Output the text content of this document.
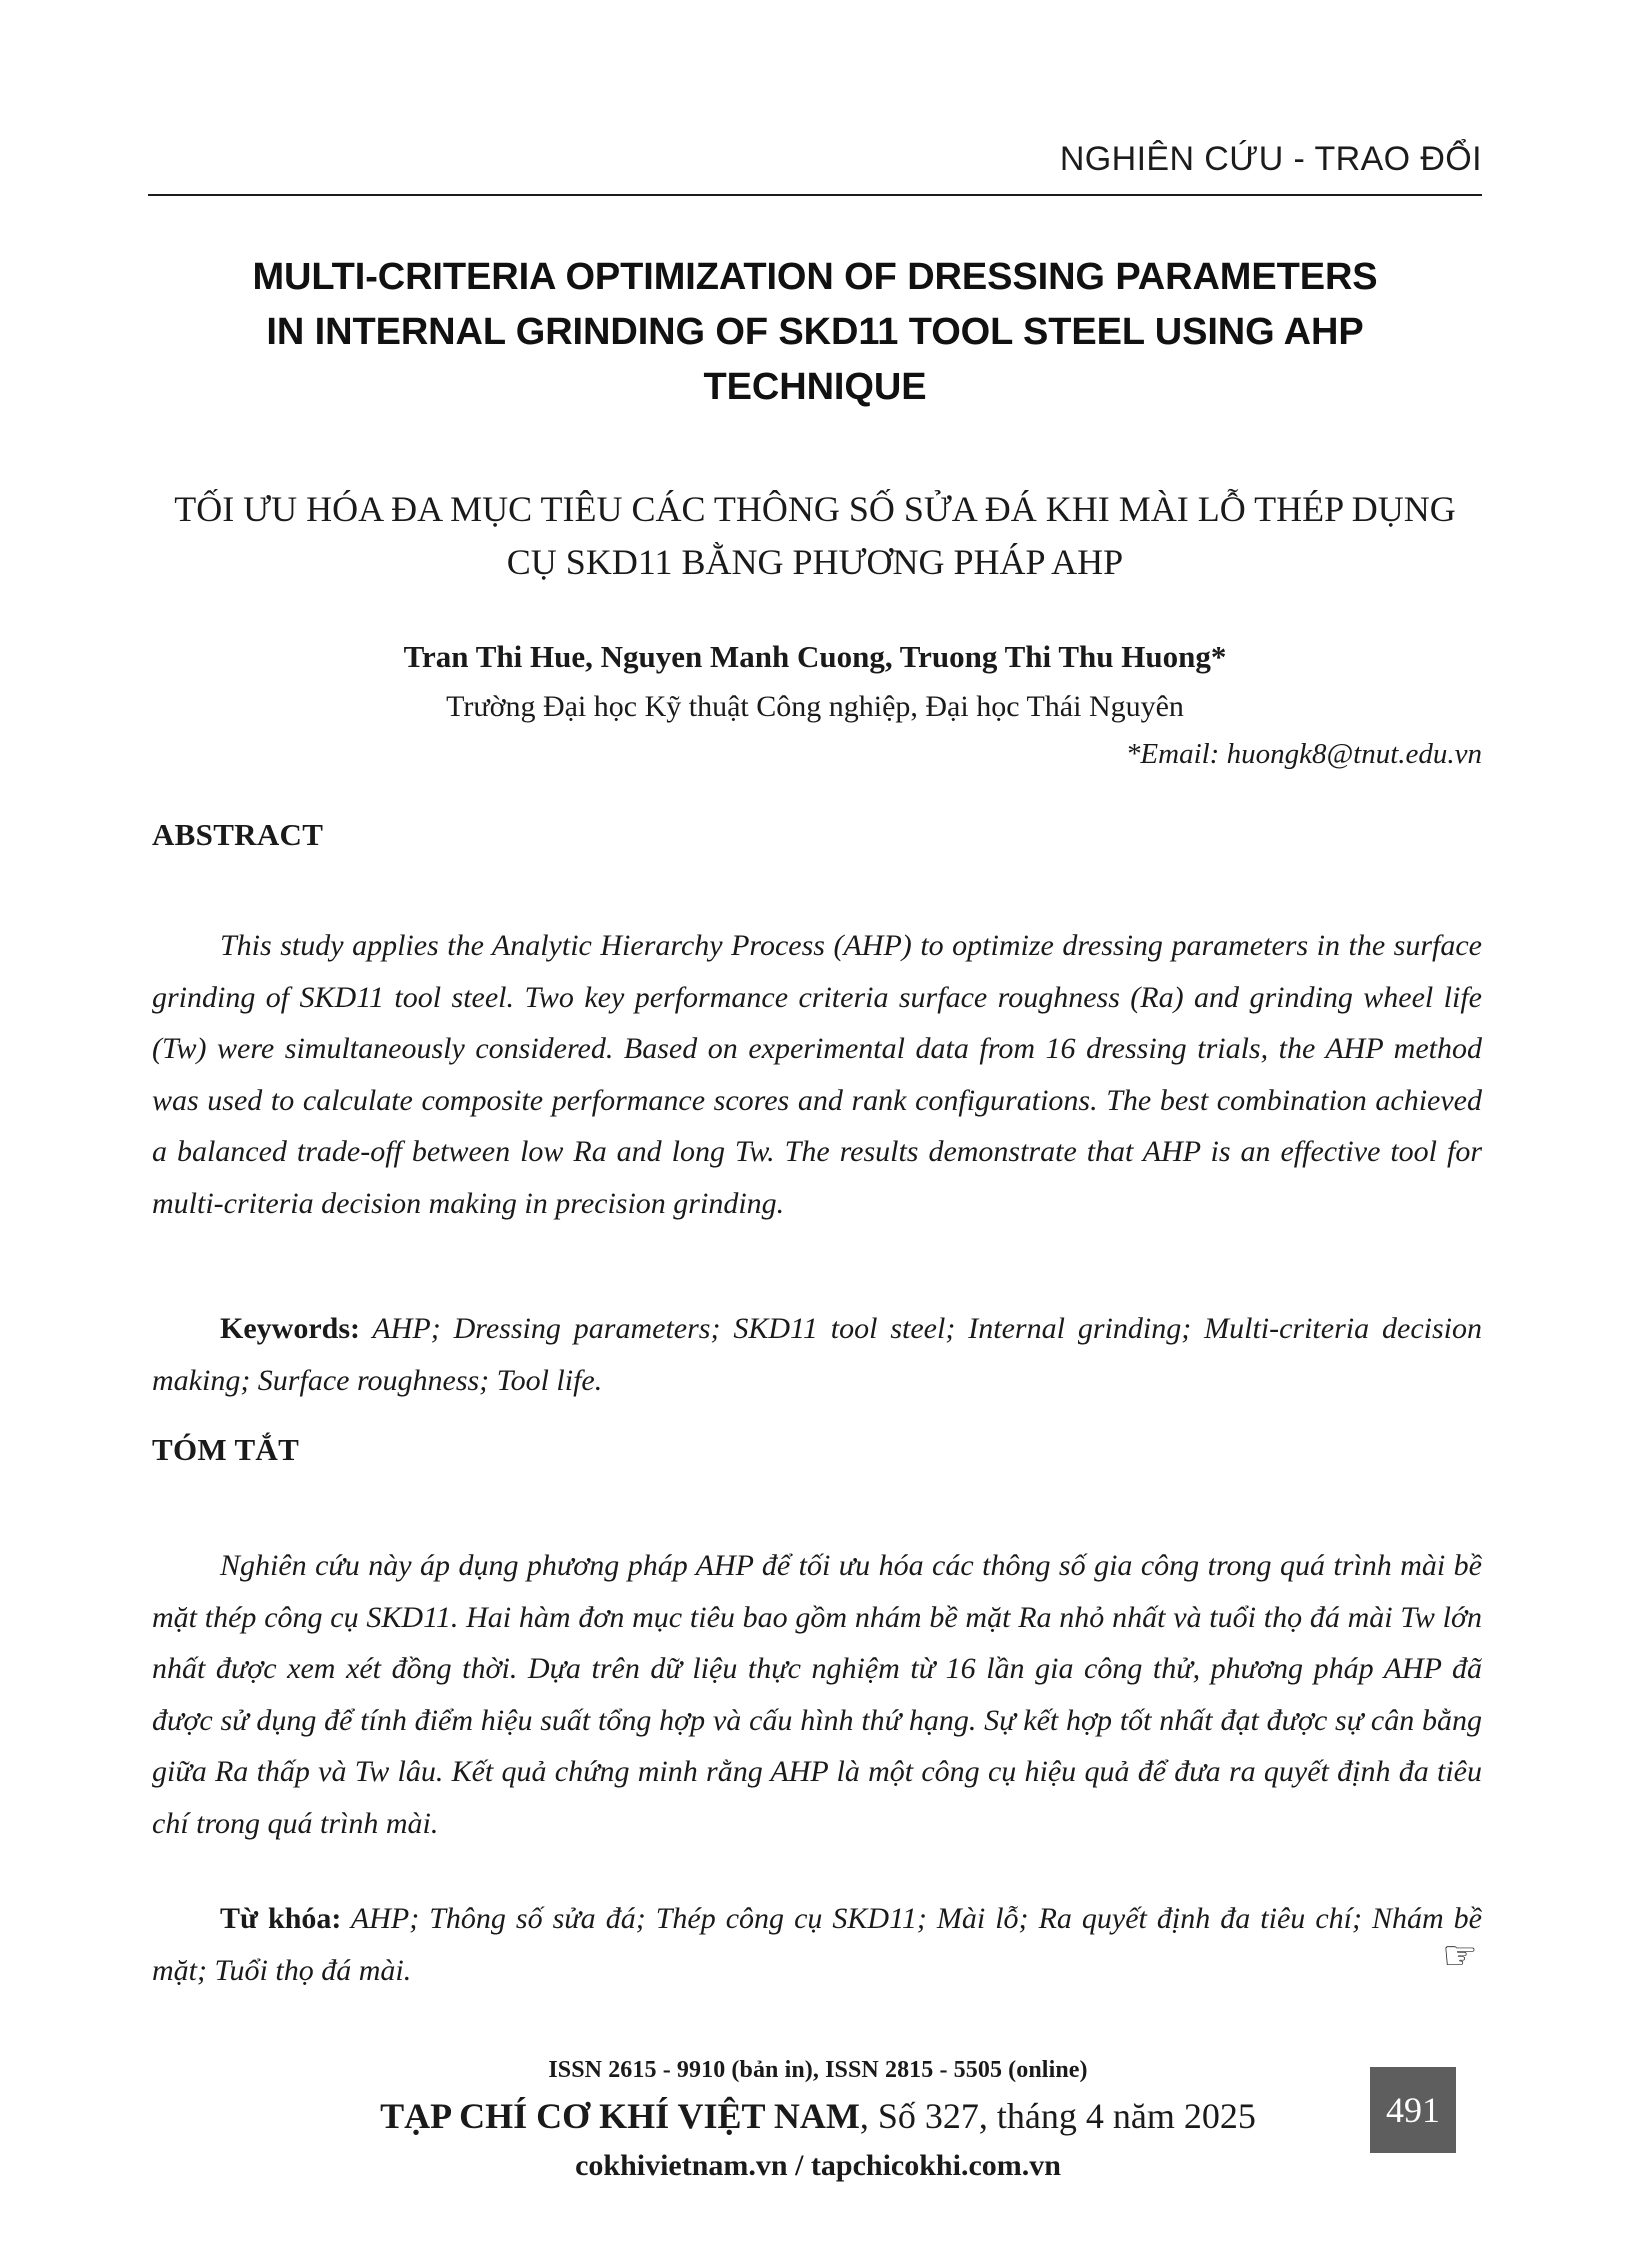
NGHIÊN CỨU - TRAO ĐỔI
MULTI-CRITERIA OPTIMIZATION OF DRESSING PARAMETERS
IN INTERNAL GRINDING OF SKD11 TOOL STEEL USING AHP
TECHNIQUE
TỐI ƯU HÓA ĐA MỤC TIÊU CÁC THÔNG SỐ SỬA ĐÁ KHI MÀI LỖ THÉP DỤNG
CỤ SKD11 BẰNG PHƯƠNG PHÁP AHP
Tran Thi Hue, Nguyen Manh Cuong, Truong Thi Thu Huong*
Trường Đại học Kỹ thuật Công nghiệp, Đại học Thái Nguyên
*Email: huongk8@tnut.edu.vn
ABSTRACT
This study applies the Analytic Hierarchy Process (AHP) to optimize dressing parameters in the surface grinding of SKD11 tool steel. Two key performance criteria surface roughness (Ra) and grinding wheel life (Tw) were simultaneously considered. Based on experimental data from 16 dressing trials, the AHP method was used to calculate composite performance scores and rank configurations. The best combination achieved a balanced trade-off between low Ra and long Tw. The results demonstrate that AHP is an effective tool for multi-criteria decision making in precision grinding.
Keywords: AHP; Dressing parameters; SKD11 tool steel; Internal grinding; Multi-criteria decision making; Surface roughness; Tool life.
TÓM TẮT
Nghiên cứu này áp dụng phương pháp AHP để tối ưu hóa các thông số gia công trong quá trình mài bề mặt thép công cụ SKD11. Hai hàm đơn mục tiêu bao gồm nhám bề mặt Ra nhỏ nhất và tuổi thọ đá mài Tw lớn nhất được xem xét đồng thời. Dựa trên dữ liệu thực nghiệm từ 16 lần gia công thử, phương pháp AHP đã được sử dụng để tính điểm hiệu suất tổng hợp và cấu hình thứ hạng. Sự kết hợp tốt nhất đạt được sự cân bằng giữa Ra thấp và Tw lâu. Kết quả chứng minh rằng AHP là một công cụ hiệu quả để đưa ra quyết định đa tiêu chí trong quá trình mài.
Từ khóa: AHP; Thông số sửa đá; Thép công cụ SKD11; Mài lỗ; Ra quyết định đa tiêu chí; Nhám bề mặt; Tuổi thọ đá mài.	☞
ISSN 2615 - 9910 (bản in), ISSN 2815 - 5505 (online)
TẠP CHÍ CƠ KHÍ VIỆT NAM, Số 327, tháng 4 năm 2025
cokhivietnam.vn / tapchicokhi.com.vn
491
